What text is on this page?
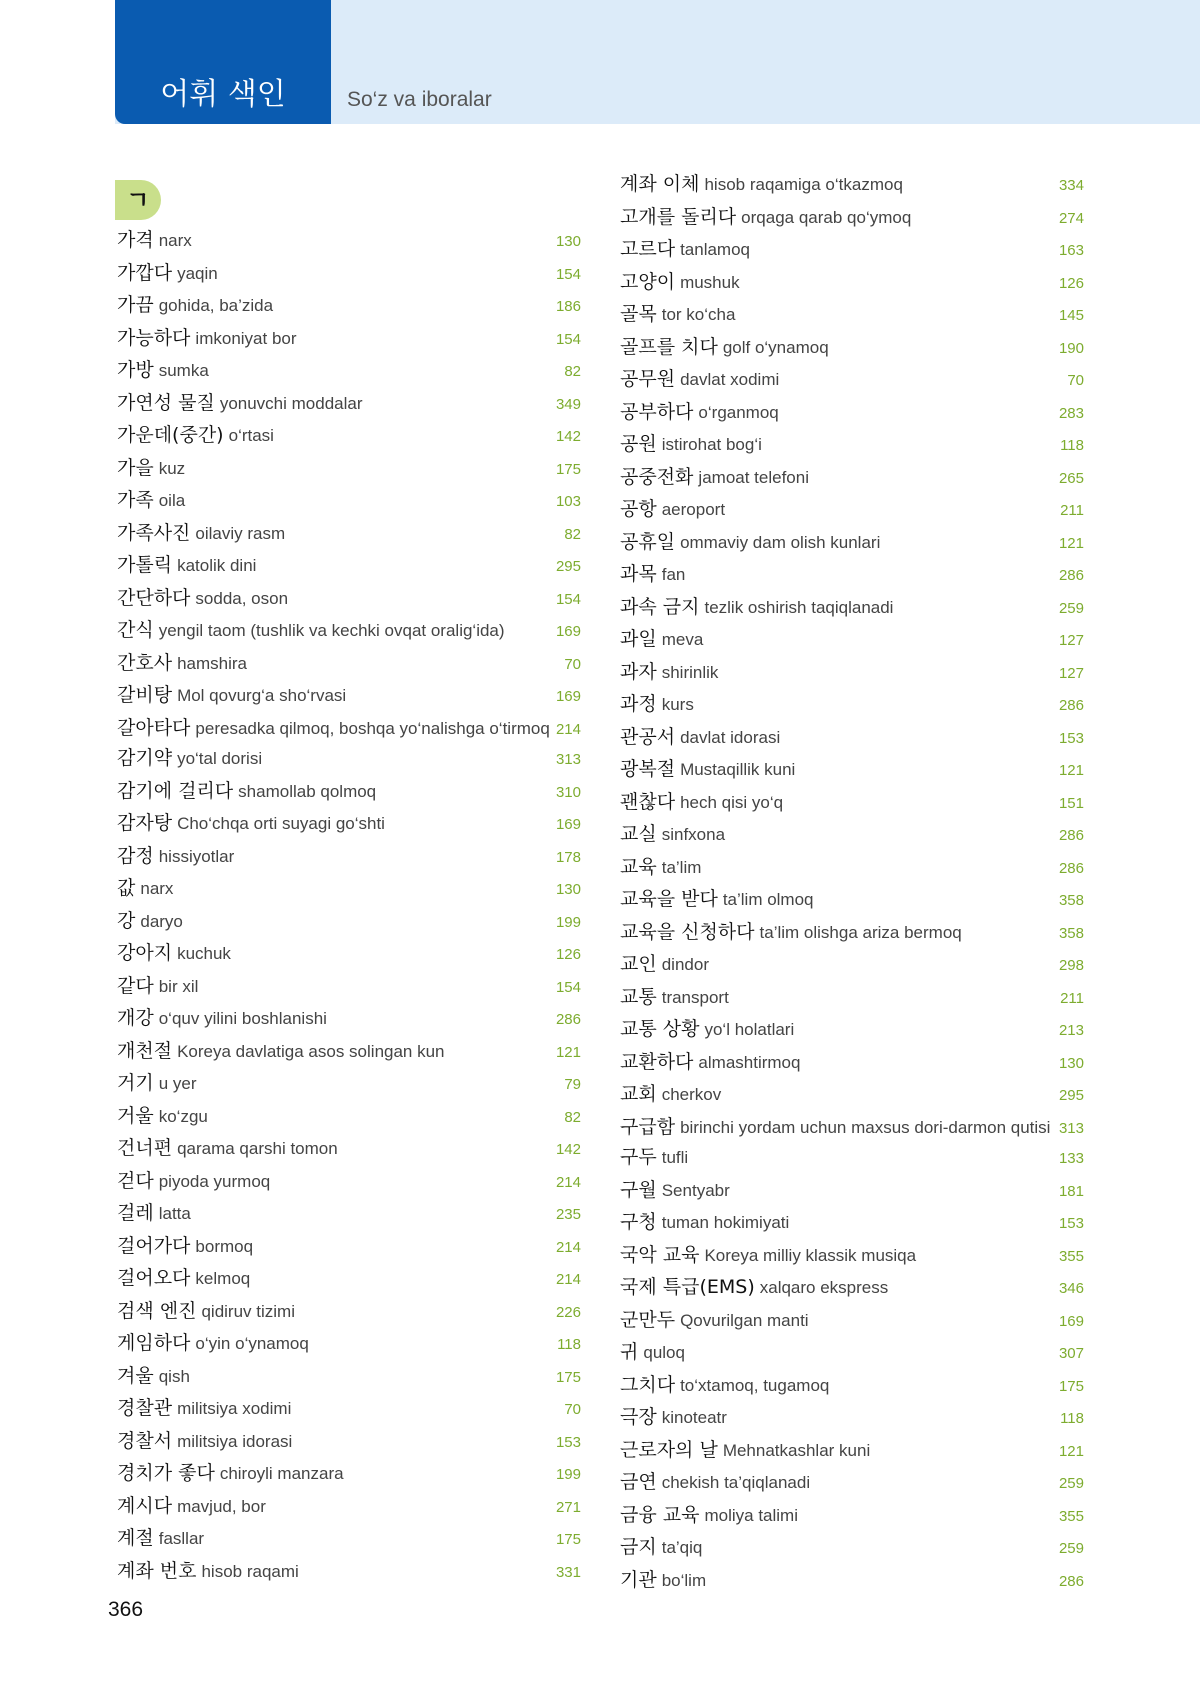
어휘 색인	So‘z va iboralar
ㄱ
가격 narx	130
가깝다 yaqin	154
가끔 gohida, ba’zida	186
가능하다 imkoniyat bor	154
가방 sumka	82
가연성 물질 yonuvchi moddalar	349
가운데(중간) o‘rtasi	142
가을 kuz	175
가족 oila	103
가족사진 oilaviy rasm	82
가톨릭 katolik dini	295
간단하다 sodda, oson	154
간식 yengil taom (tushlik va kechki ovqat oralig‘ida)	169
간호사 hamshira	70
갈비탕 Mol qovurg‘a sho‘rvasi	169
갈아타다 peresadka qilmoq, boshqa yo‘nalishga o‘tirmoq 214
감기약 yo‘tal dorisi	313
감기에 걸리다 shamollab qolmoq	310
감자탕 Cho‘chqa orti suyagi go‘shti	169
감정 hissiyotlar	178
값 narx	130
강 daryo	199
강아지 kuchuk	126
같다 bir xil	154
개강 o‘quv yilini boshlanishi	286
개천절 Koreya davlatiga asos solingan kun	121
거기 u yer	79
거울 ko‘zgu	82
건너편 qarama qarshi tomon	142
걷다 piyoda yurmoq	214
걸레 latta	235
걸어가다 bormoq	214
걸어오다 kelmoq	214
검색 엔진 qidiruv tizimi	226
게임하다 o‘yin o‘ynamoq	118
겨울 qish	175
경찰관 militsiya xodimi	70
경찰서 militsiya idorasi	153
경치가 좋다 chiroyli manzara	199
계시다 mavjud, bor	271
계절 fasllar	175
계좌 번호 hisob raqami	331
계좌 이체 hisob raqamiga o‘tkazmoq	334
고개를 돌리다 orqaga qarab qo‘ymoq	274
고르다 tanlamoq	163
고양이 mushuk	126
골목 tor ko‘cha	145
골프를 치다 golf o‘ynamoq	190
공무원 davlat xodimi	70
공부하다 o‘rganmoq	283
공원 istirohat bog‘i	118
공중전화 jamoat telefoni	265
공항 aeroport	211
공휴일 ommaviy dam olish kunlari	121
과목 fan	286
과속 금지 tezlik oshirish taqiqlanadi	259
과일 meva	127
과자 shirinlik	127
과정 kurs	286
관공서 davlat idorasi	153
광복절 Mustaqillik kuni	121
괜찮다 hech qisi yo‘q	151
교실 sinfxona	286
교육 ta’lim	286
교육을 받다 ta’lim olmoq	358
교육을 신청하다 ta’lim olishga ariza bermoq	358
교인 dindor	298
교통 transport	211
교통 상황 yo‘l holatlari	213
교환하다 almashtirmoq	130
교회 cherkov	295
구급함 birinchi yordam uchun maxsus dori-darmon qutisi 313
구두 tufli	133
구월 Sentyabr	181
구청 tuman hokimiyati	153
국악 교육 Koreya milliy klassik musiqa	355
국제 특급(EMS) xalqaro ekspress	346
군만두 Qovurilgan manti	169
귀 quloq	307
그치다 to‘xtamoq, tugamoq	175
극장 kinoteatr	118
근로자의 날 Mehnatkashlar kuni	121
금연 chekish ta’qiqlanadi	259
금융 교육 moliya talimi	355
금지 ta’qiq	259
기관 bo‘lim	286
366
